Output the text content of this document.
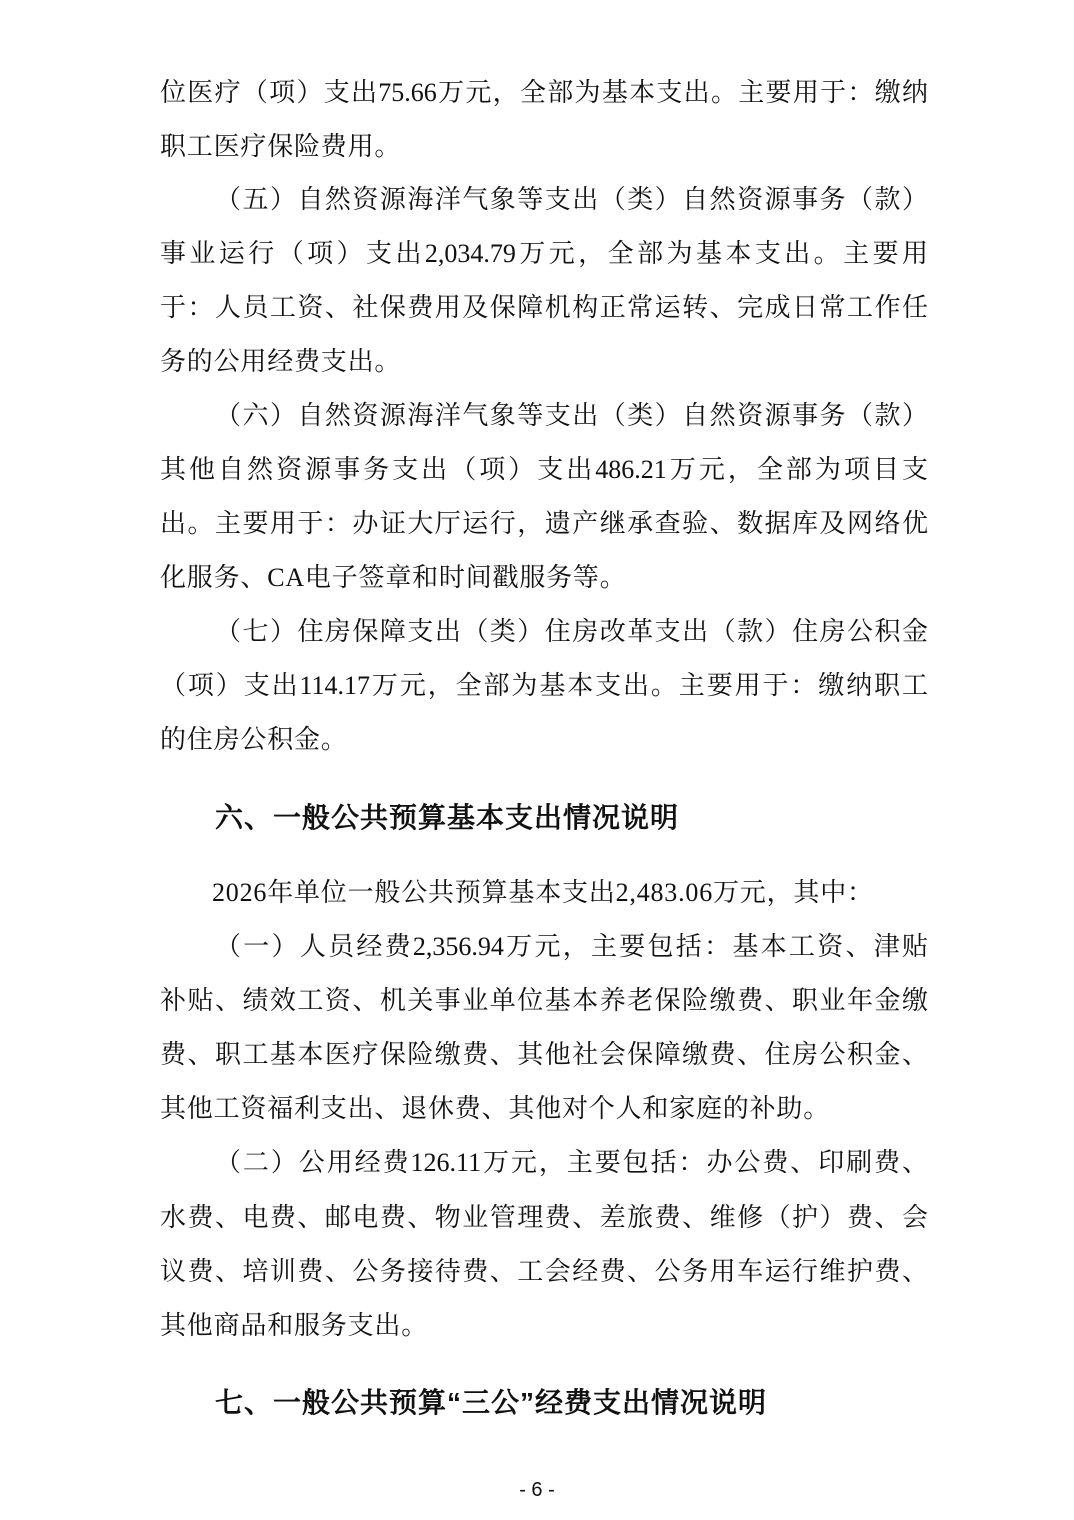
位医疗（项）支出75.66万元，全部为基本支出。主要用于：缴纳
职工医疗保险费用。
（五）自然资源海洋气象等支出（类）自然资源事务（款）
事业运行（项）支出2,034.79万元，全部为基本支出。主要用
于：人员工资、社保费用及保障机构正常运转、完成日常工作任
务的公用经费支出。
（六）自然资源海洋气象等支出（类）自然资源事务（款）
其他自然资源事务支出（项）支出486.21万元，全部为项目支
出。主要用于：办证大厅运行，遗产继承查验、数据库及网络优
化服务、CA电子签章和时间戳服务等。
（七）住房保障支出（类）住房改革支出（款）住房公积金
（项）支出114.17万元，全部为基本支出。主要用于：缴纳职工
的住房公积金。
六、一般公共预算基本支出情况说明
2026年单位一般公共预算基本支出2,483.06万元，其中：
（一）人员经费2,356.94万元，主要包括：基本工资、津贴
补贴、绩效工资、机关事业单位基本养老保险缴费、职业年金缴
费、职工基本医疗保险缴费、其他社会保障缴费、住房公积金、
其他工资福利支出、退休费、其他对个人和家庭的补助。
（二）公用经费126.11万元，主要包括：办公费、印刷费、
水费、电费、邮电费、物业管理费、差旅费、维修（护）费、会
议费、培训费、公务接待费、工会经费、公务用车运行维护费、
其他商品和服务支出。
七、一般公共预算“三公”经费支出情况说明
- 6 -
